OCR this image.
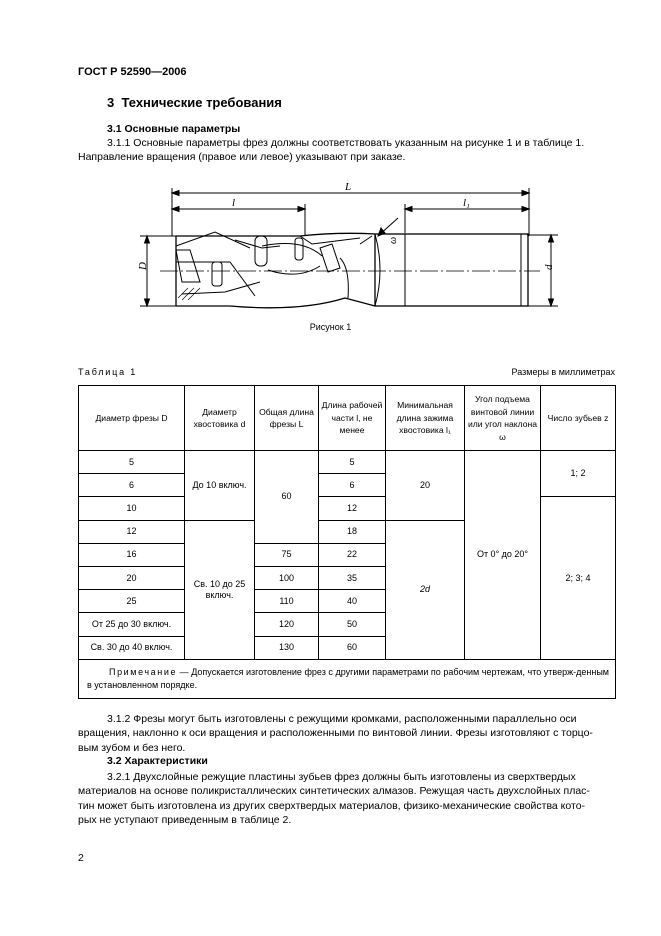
ГОСТ Р 52590—2006
3 Технические требования
3.1 Основные параметры
3.1.1 Основные параметры фрез должны соответствовать указанным на рисунке 1 и в таблице 1.
Направление вращения (правое или левое) указывают при заказе.
L
l	l₁
D	d
ω
Рисунок 1
Таблица 1	Размеры в миллиметрах
Диаметр фрезы D	Диаметр хвостовика d	Общая длина фрезы L	Длина рабочей части l, не менее	Минимальная длина зажима хвостовика l₁	Угол подъема винтовой линии или угол наклона ω	Число зубьев z
5	До 10 включ.	60	5	20	От 0° до 20°	1; 2
6			6			
10			12			2; 3; 4
12	Св. 10 до 25 включ.		18	2d		
16		75	22			
20		100	35			
25		110	40			
От 25 до 30 включ.		120	50			
Св. 30 до 40 включ.		130	60			
Примечание — Допускается изготовление фрез с другими параметрами по рабочим чертежам, что утверж-денным в установленном порядке.						
3.1.2 Фрезы могут быть изготовлены с режущими кромками, расположенными параллельно оси
вращения, наклонно к оси вращения и расположенными по винтовой линии. Фрезы изготовляют с торцо-
вым зубом и без него.
3.2 Характеристики
3.2.1 Двухслойные режущие пластины зубьев фрез должны быть изготовлены из сверхтвердых
материалов на основе поликристаллических синтетических алмазов. Режущая часть двухслойных плас-
тин может быть изготовлена из других сверхтвердых материалов, физико-механические свойства кото-
рых не уступают приведенным в таблице 2.
2
